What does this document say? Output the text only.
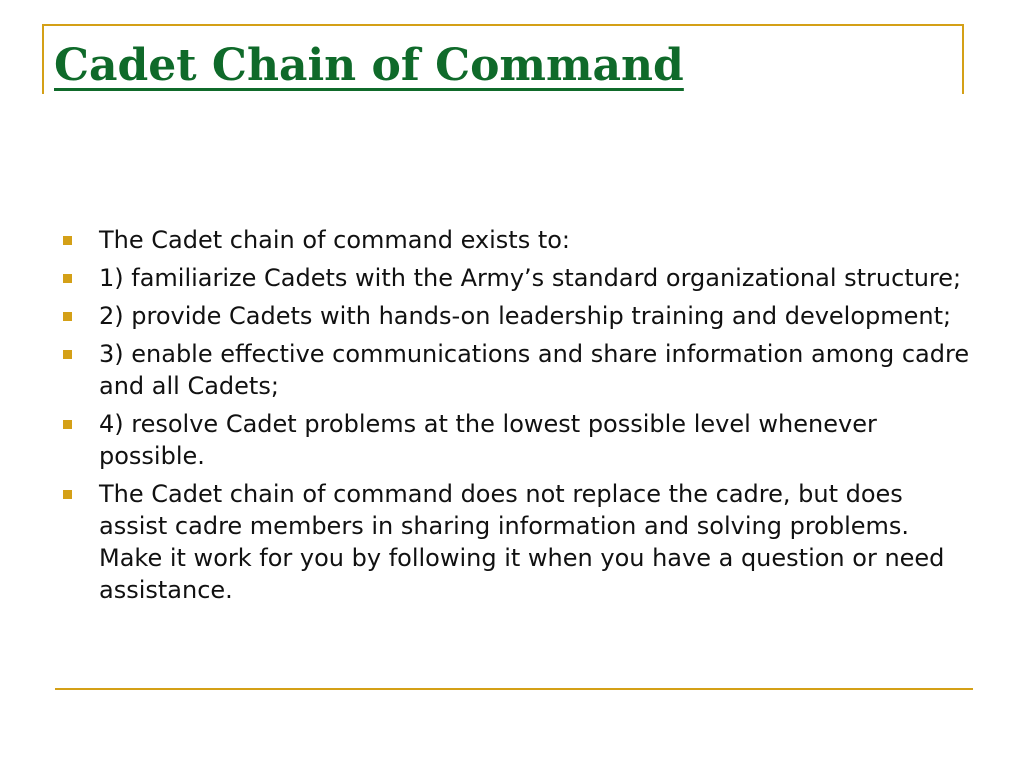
Cadet Chain of Command
The Cadet chain of command exists to:
1) familiarize Cadets with the Army’s standard organizational structure;
2) provide Cadets with hands-on leadership training and development;
3) enable effective communications and share information among cadre and all Cadets;
4) resolve Cadet problems at the lowest possible level whenever possible.
The Cadet chain of command does not replace the cadre, but does assist cadre members in sharing information and solving problems. Make it work for you by following it when you have a question or need assistance.
